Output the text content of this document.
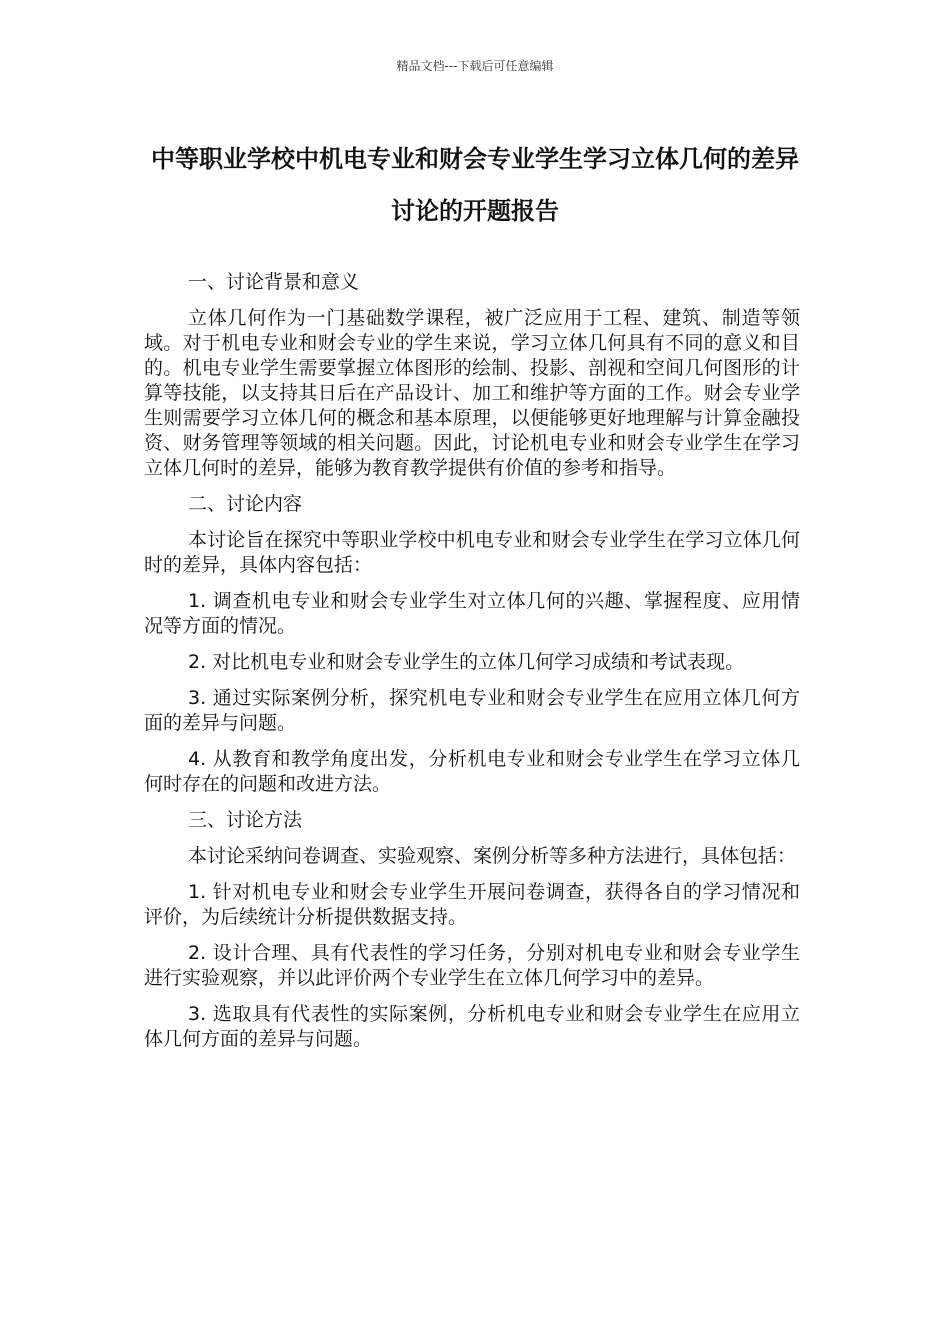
精品文档---下载后可任意编辑
中等职业学校中机电专业和财会专业学生学习立体几何的差异讨论的开题报告

一、讨论背景和意义

立体几何作为一门基础数学课程，被广泛应用于工程、建筑、制造等领域。对于机电专业和财会专业的学生来说，学习立体几何具有不同的意义和目的。机电专业学生需要掌握立体图形的绘制、投影、剖视和空间几何图形的计算等技能，以支持其日后在产品设计、加工和维护等方面的工作。财会专业学生则需要学习立体几何的概念和基本原理，以便能够更好地理解与计算金融投资、财务管理等领域的相关问题。因此，讨论机电专业和财会专业学生在学习立体几何时的差异，能够为教育教学提供有价值的参考和指导。

二、讨论内容

本讨论旨在探究中等职业学校中机电专业和财会专业学生在学习立体几何时的差异，具体内容包括：

1. 调查机电专业和财会专业学生对立体几何的兴趣、掌握程度、应用情况等方面的情况。

2. 对比机电专业和财会专业学生的立体几何学习成绩和考试表现。

3. 通过实际案例分析，探究机电专业和财会专业学生在应用立体几何方面的差异与问题。

4. 从教育和教学角度出发，分析机电专业和财会专业学生在学习立体几何时存在的问题和改进方法。

三、讨论方法

本讨论采纳问卷调查、实验观察、案例分析等多种方法进行，具体包括：

1. 针对机电专业和财会专业学生开展问卷调查，获得各自的学习情况和评价，为后续统计分析提供数据支持。

2. 设计合理、具有代表性的学习任务，分别对机电专业和财会专业学生进行实验观察，并以此评价两个专业学生在立体几何学习中的差异。

3. 选取具有代表性的实际案例，分析机电专业和财会专业学生在应用立体几何方面的差异与问题。
